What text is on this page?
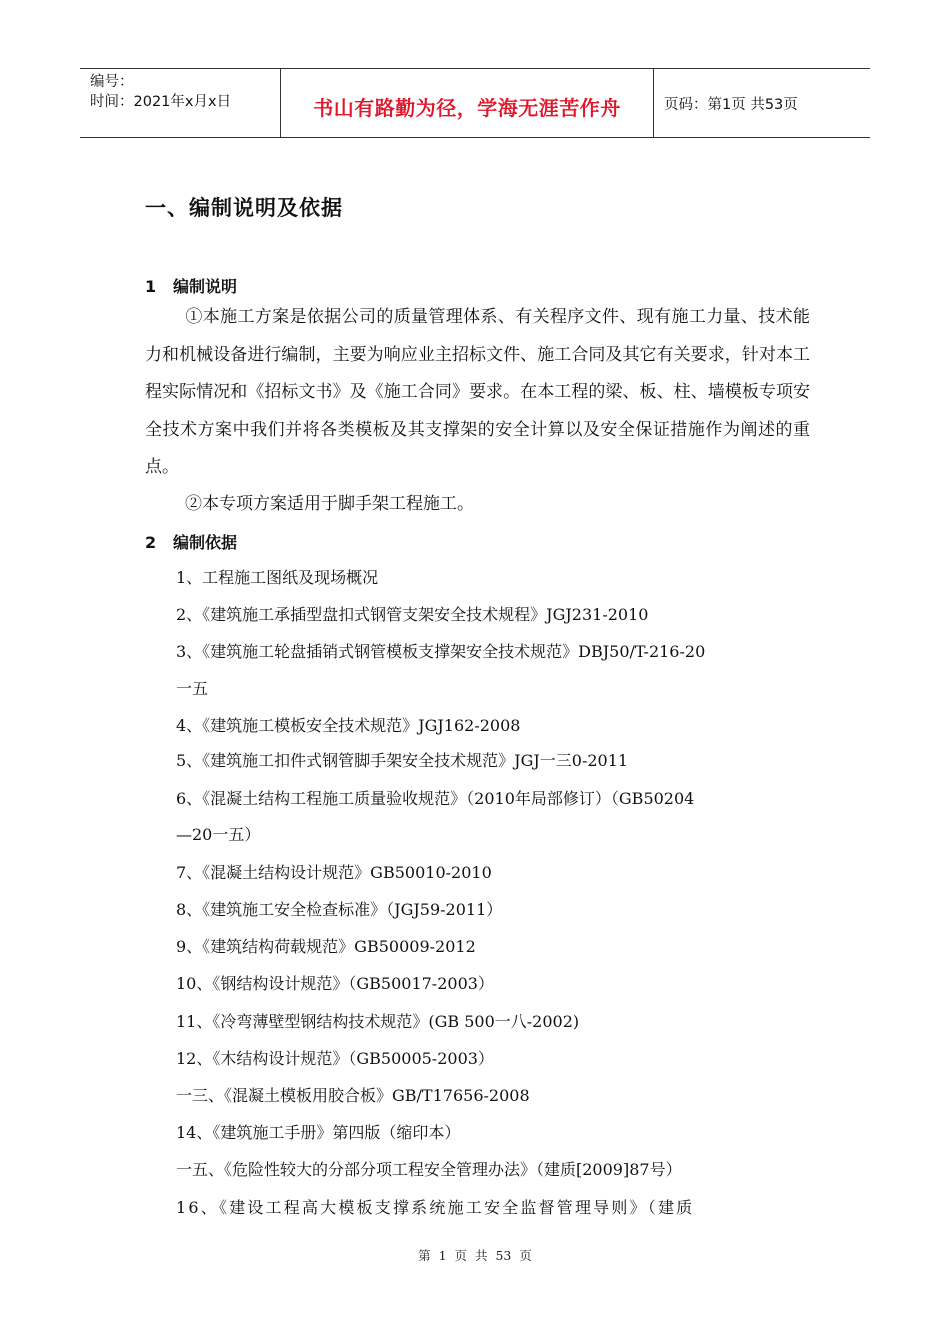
编号：
时间：2021年x月x日	书山有路勤为径，学海无涯苦作舟	页码：第1页 共53页
一、编制说明及依据
1 编制说明
①本施工方案是依据公司的质量管理体系、有关程序文件、现有施工力量、技术能力和机械设备进行编制，主要为响应业主招标文件、施工合同及其它有关要求，针对本工程实际情况和《招标文书》及《施工合同》要求。在本工程的梁、板、柱、墙模板专项安全技术方案中我们并将各类模板及其支撑架的安全计算以及安全保证措施作为阐述的重点。
②本专项方案适用于脚手架工程施工。
2 编制依据
1、工程施工图纸及现场概况
2、《建筑施工承插型盘扣式钢管支架安全技术规程》JGJ231-2010
3、《建筑施工轮盘插销式钢管模板支撑架安全技术规范》DBJ50/T-216-20
一五
4、《建筑施工模板安全技术规范》JGJ162-2008
5、《建筑施工扣件式钢管脚手架安全技术规范》JGJ一三0-2011
6、《混凝土结构工程施工质量验收规范》（2010年局部修订）（GB50204
—20一五）
7、《混凝土结构设计规范》GB50010-2010
8、《建筑施工安全检查标准》（JGJ59-2011）
9、《建筑结构荷载规范》GB50009-2012
10、《钢结构设计规范》（GB50017-2003）
11、《冷弯薄壁型钢结构技术规范》(GB 500一八-2002)
12、《木结构设计规范》（GB50005-2003）
一三、《混凝土模板用胶合板》GB/T17656-2008
14、《建筑施工手册》第四版（缩印本）
一五、《危险性较大的分部分项工程安全管理办法》（建质[2009]87号）
16、《建设工程高大模板支撑系统施工安全监督管理导则》（建质
第 1 页 共 53 页
